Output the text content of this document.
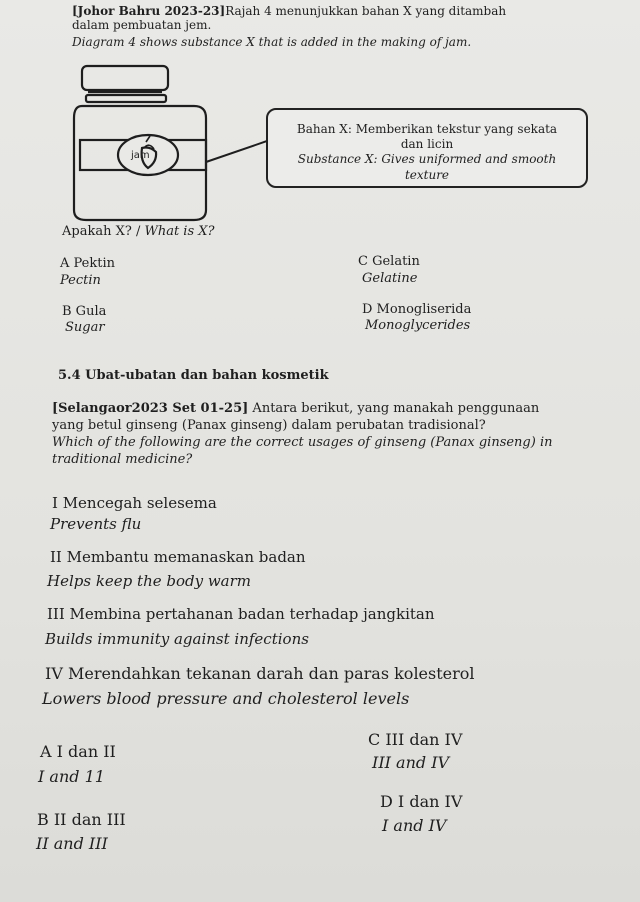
[Johor Bahru 2023-23]Rajah 4 menunjukkan bahan X yang ditambah
dalam pembuatan jem.
Diagram 4 shows substance X that is added in the making of jam.
jam
Bahan X: Memberikan tekstur yang sekata
dan licin
Substance X: Gives uniformed and smooth
texture
Apakah X? / What is X?
A Pektin
Pectin
C Gelatin
Gelatine
B Gula
Sugar
D Monogliserida
Monoglycerides
5.4 Ubat-ubatan dan bahan kosmetik
[Selangaor2023 Set 01-25] Antara berikut, yang manakah penggunaan
yang betul ginseng (Panax ginseng) dalam perubatan tradisional?
Which of the following are the correct usages of ginseng (Panax ginseng) in
traditional medicine?
I Mencegah selesema
Prevents flu
II Membantu memanaskan badan
Helps keep the body warm
III Membina pertahanan badan terhadap jangkitan
Builds immunity against infections
IV Merendahkan tekanan darah dan paras kolesterol
Lowers blood pressure and cholesterol levels
C III dan IV
A I dan II
III and IV
I and 11
D I dan IV
B II dan III	I and IV
II and III
